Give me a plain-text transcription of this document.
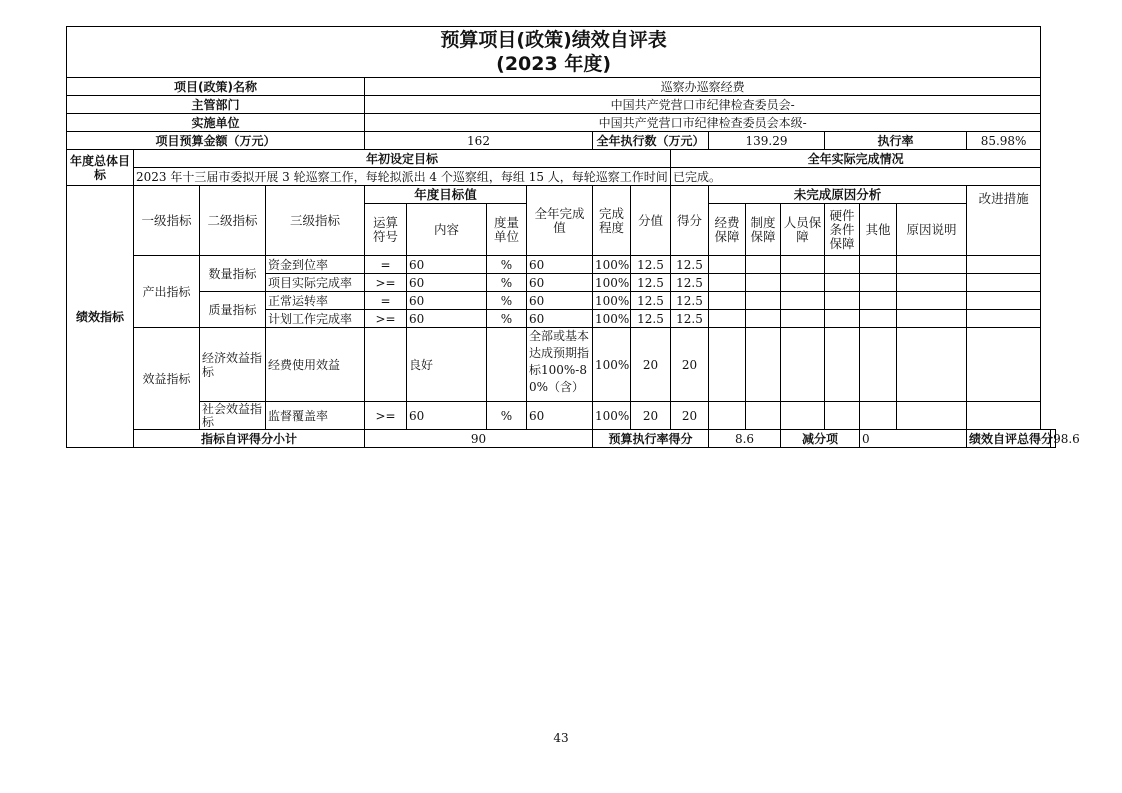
预算项目(政策)绩效自评表
(2023 年度)																		

项目(政策)名称				巡察办巡察经费														
主管部门				中国共产党营口市纪律检查委员会-														
实施单位				中国共产党营口市纪律检查委员会本级-														
项目预算金额（万元）				162				全年执行数（万元）			139.29			执行率			85.98%	
年度总体目标	年初设定目标									全年实际完成情况								
	2023 年十三届市委拟开展 3 轮巡察工作，每轮拟派出 4 个巡察组，每组 15 人，每轮巡察工作时间									已完成。								
绩效指标	一级指标	二级指标	三级指标	年度目标值			全年完成值	完成程度	分值	得分	未完成原因分析						改进措施	
				运算符号	内容	度量单位					经费保障	制度保障	人员保障	硬件条件保障	其他	原因说明		
	产出指标	数量指标	资金到位率	=	60	%	60	100%	12.5	12.5								
			项目实际完成率	>=	60	%	60	100%	12.5	12.5								
		质量指标	正常运转率	=	60	%	60	100%	12.5	12.5								
			计划工作完成率	>=	60	%	60	100%	12.5	12.5								
	效益指标	经济效益指标	经费使用效益		良好		全部或基本达成预期指标100%-80%（含）	100%	20	20								
		社会效益指标	监督覆盖率	>=	60	%	60	100%	20	20								
	指标自评得分小计			90				预算执行率得分			8.6		减分项		0		绩效自评总得分	98.6
43
